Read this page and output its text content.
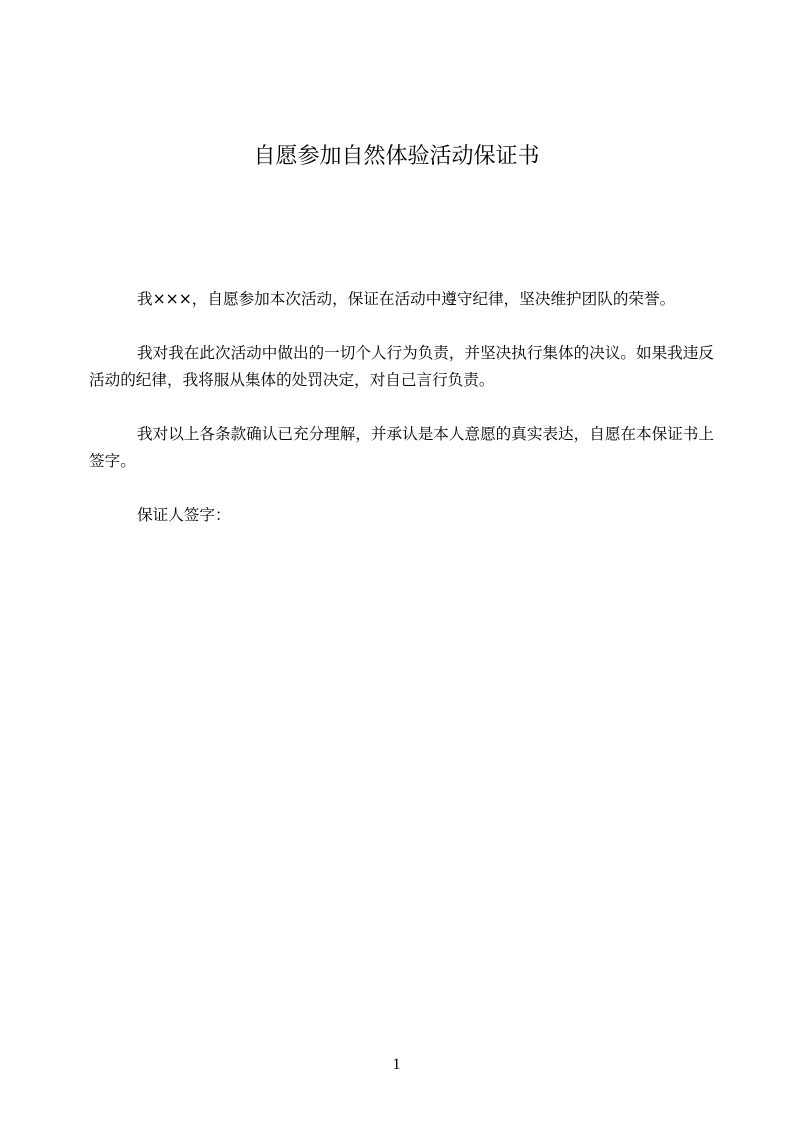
自愿参加自然体验活动保证书

我×××，自愿参加本次活动，保证在活动中遵守纪律，坚决维护团队的荣誉。

我对我在此次活动中做出的一切个人行为负责，并坚决执行集体的决议。如果我违反活动的纪律，我将服从集体的处罚决定，对自己言行负责。

我对以上各条款确认已充分理解，并承认是本人意愿的真实表达，自愿在本保证书上签字。

保证人签字：

1
